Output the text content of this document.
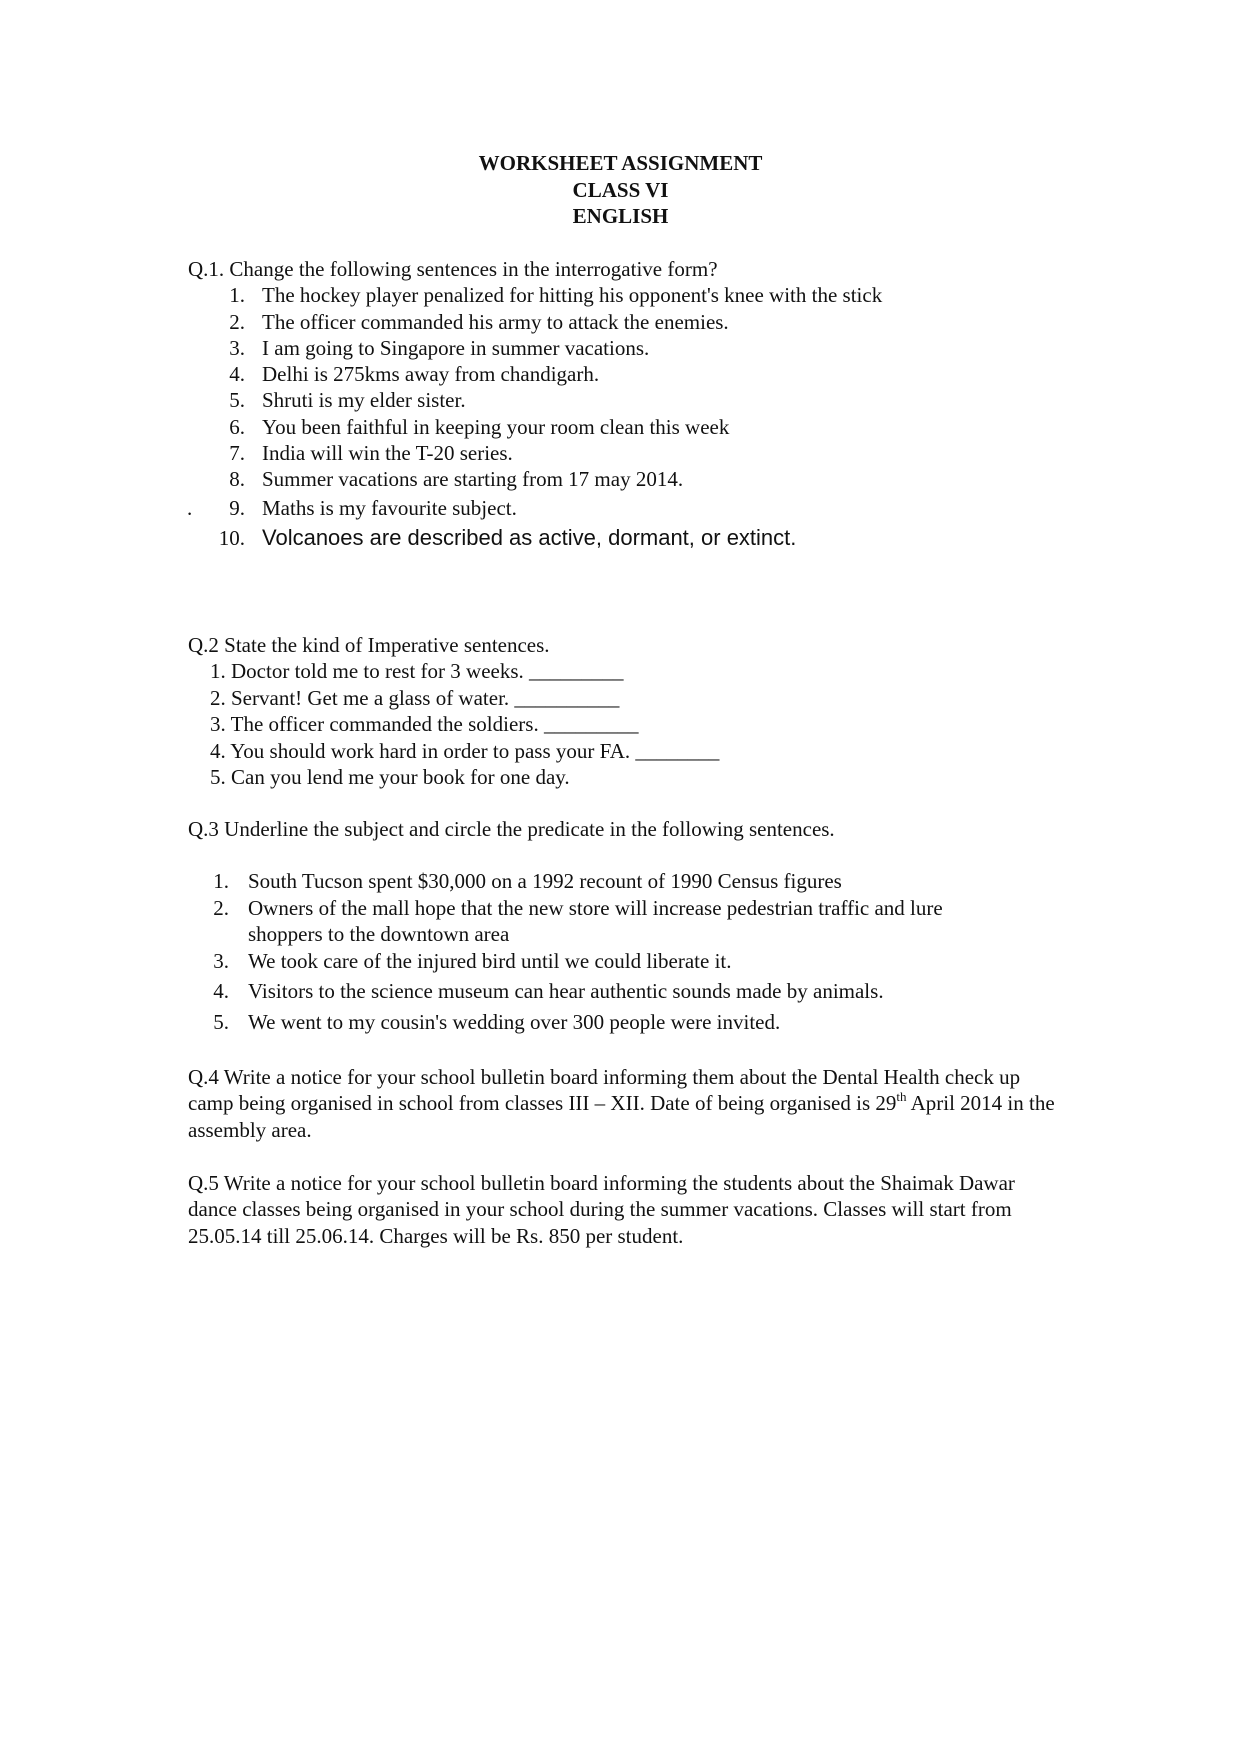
WORKSHEET ASSIGNMENT
CLASS VI
ENGLISH
Q.1. Change the following sentences in the interrogative form?
1. The hockey player penalized for hitting his opponent's knee with the stick
2. The officer commanded his army to attack the enemies.
3. I am going to Singapore in summer vacations.
4. Delhi is 275kms away from chandigarh.
5. Shruti is my elder sister.
6. You been faithful in keeping your room clean this week
7. India will win the T-20 series.
8. Summer vacations are starting from 17 may 2014.
.	9. Maths is my favourite subject.
10. Volcanoes are described as active, dormant, or extinct.
Q.2 State the kind of Imperative sentences.
1. Doctor told me to rest for 3 weeks. _________
2. Servant! Get me a glass of water. __________
3. The officer commanded the soldiers. _________
4. You should work hard in order to pass your FA. ________
5. Can you lend me your book for one day.
Q.3 Underline the subject and circle the predicate in the following sentences.
1. South Tucson spent $30,000 on a 1992 recount of 1990 Census figures
2. Owners of the mall hope that the new store will increase pedestrian traffic and lure shoppers to the downtown area
3. We took care of the injured bird until we could liberate it.
4. Visitors to the science museum can hear authentic sounds made by animals.
5. We went to my cousin's wedding over 300 people were invited.
Q.4 Write a notice for your school bulletin board informing them about the Dental Health check up camp being organised in school from classes III – XII. Date of being organised is 29th April 2014 in the assembly area.
Q.5 Write a notice for your school bulletin board informing the students about the Shaimak Dawar dance classes being organised in your school during the summer vacations. Classes will start from 25.05.14 till 25.06.14. Charges will be Rs. 850 per student.
